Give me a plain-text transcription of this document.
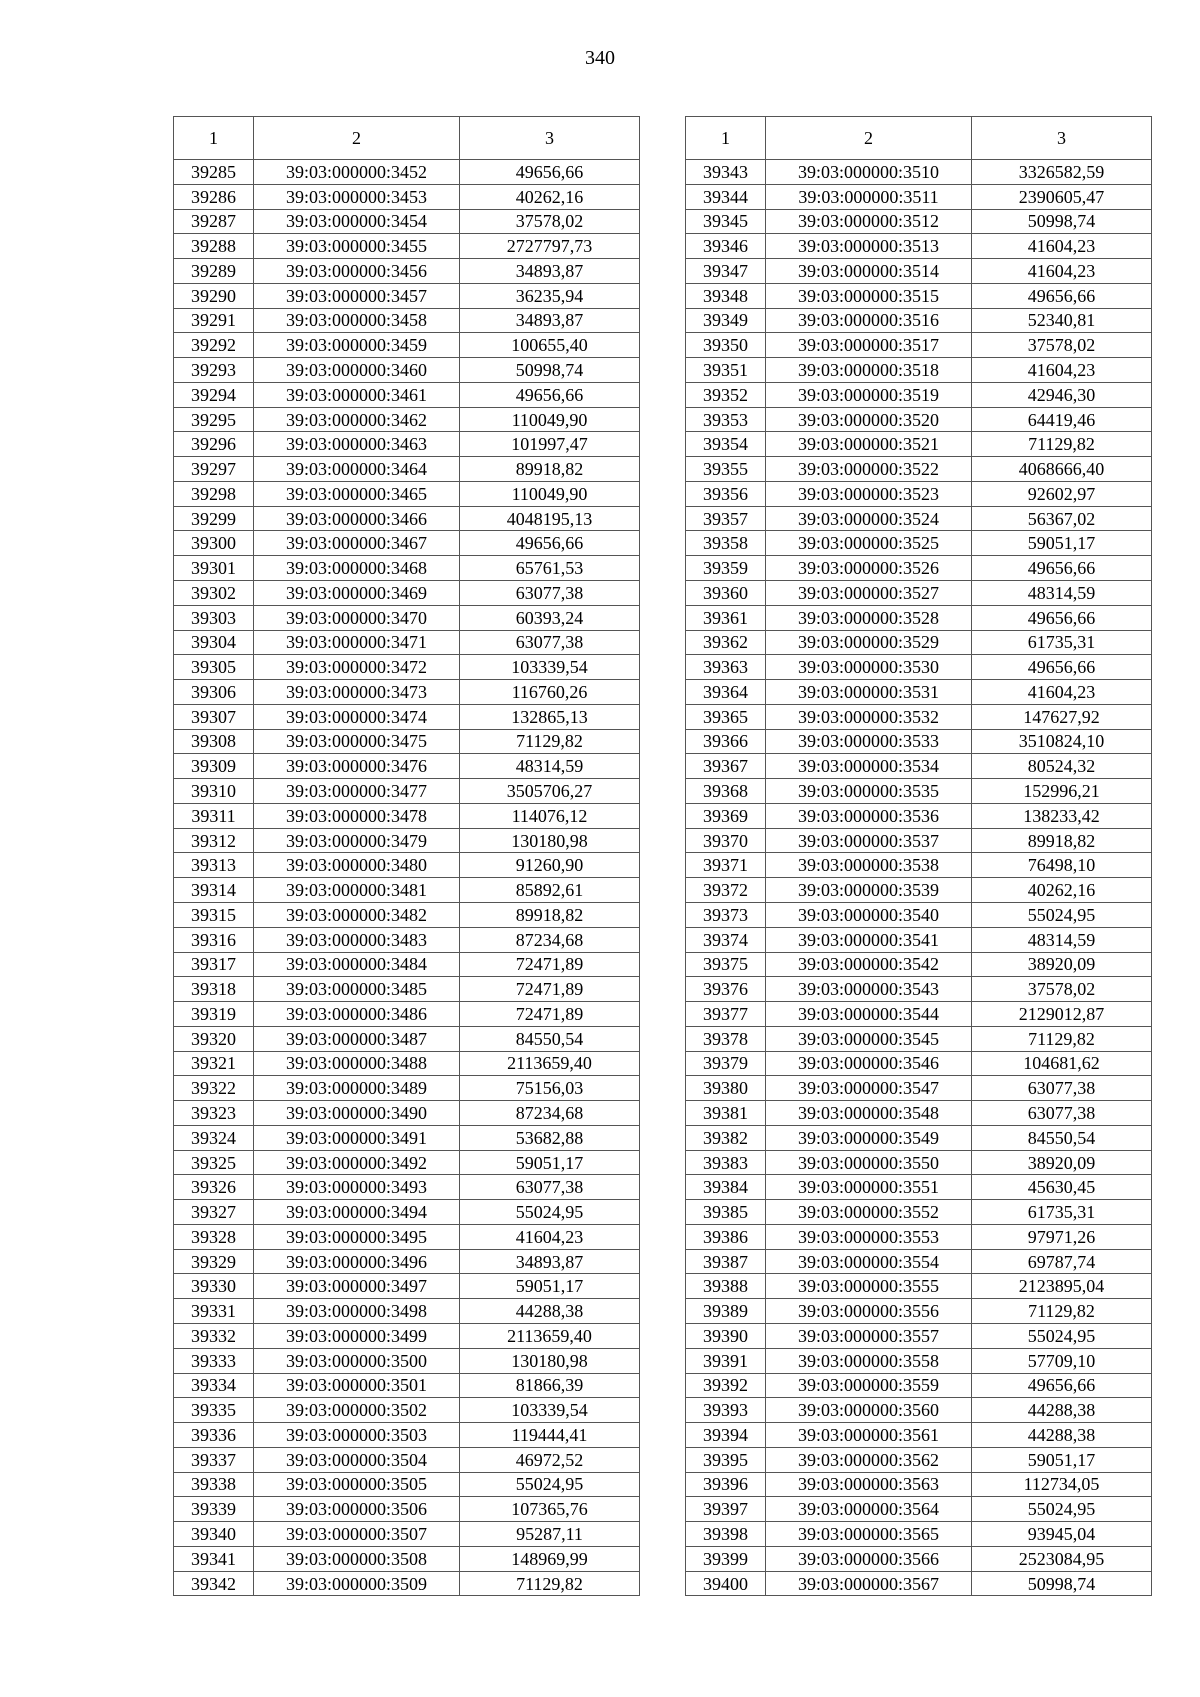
340
1	2	3
39285	39:03:000000:3452	49656,66
39286	39:03:000000:3453	40262,16
39287	39:03:000000:3454	37578,02
39288	39:03:000000:3455	2727797,73
39289	39:03:000000:3456	34893,87
39290	39:03:000000:3457	36235,94
39291	39:03:000000:3458	34893,87
39292	39:03:000000:3459	100655,40
39293	39:03:000000:3460	50998,74
39294	39:03:000000:3461	49656,66
39295	39:03:000000:3462	110049,90
39296	39:03:000000:3463	101997,47
39297	39:03:000000:3464	89918,82
39298	39:03:000000:3465	110049,90
39299	39:03:000000:3466	4048195,13
39300	39:03:000000:3467	49656,66
39301	39:03:000000:3468	65761,53
39302	39:03:000000:3469	63077,38
39303	39:03:000000:3470	60393,24
39304	39:03:000000:3471	63077,38
39305	39:03:000000:3472	103339,54
39306	39:03:000000:3473	116760,26
39307	39:03:000000:3474	132865,13
39308	39:03:000000:3475	71129,82
39309	39:03:000000:3476	48314,59
39310	39:03:000000:3477	3505706,27
39311	39:03:000000:3478	114076,12
39312	39:03:000000:3479	130180,98
39313	39:03:000000:3480	91260,90
39314	39:03:000000:3481	85892,61
39315	39:03:000000:3482	89918,82
39316	39:03:000000:3483	87234,68
39317	39:03:000000:3484	72471,89
39318	39:03:000000:3485	72471,89
39319	39:03:000000:3486	72471,89
39320	39:03:000000:3487	84550,54
39321	39:03:000000:3488	2113659,40
39322	39:03:000000:3489	75156,03
39323	39:03:000000:3490	87234,68
39324	39:03:000000:3491	53682,88
39325	39:03:000000:3492	59051,17
39326	39:03:000000:3493	63077,38
39327	39:03:000000:3494	55024,95
39328	39:03:000000:3495	41604,23
39329	39:03:000000:3496	34893,87
39330	39:03:000000:3497	59051,17
39331	39:03:000000:3498	44288,38
39332	39:03:000000:3499	2113659,40
39333	39:03:000000:3500	130180,98
39334	39:03:000000:3501	81866,39
39335	39:03:000000:3502	103339,54
39336	39:03:000000:3503	119444,41
39337	39:03:000000:3504	46972,52
39338	39:03:000000:3505	55024,95
39339	39:03:000000:3506	107365,76
39340	39:03:000000:3507	95287,11
39341	39:03:000000:3508	148969,99
39342	39:03:000000:3509	71129,82
1	2	3
39343	39:03:000000:3510	3326582,59
39344	39:03:000000:3511	2390605,47
39345	39:03:000000:3512	50998,74
39346	39:03:000000:3513	41604,23
39347	39:03:000000:3514	41604,23
39348	39:03:000000:3515	49656,66
39349	39:03:000000:3516	52340,81
39350	39:03:000000:3517	37578,02
39351	39:03:000000:3518	41604,23
39352	39:03:000000:3519	42946,30
39353	39:03:000000:3520	64419,46
39354	39:03:000000:3521	71129,82
39355	39:03:000000:3522	4068666,40
39356	39:03:000000:3523	92602,97
39357	39:03:000000:3524	56367,02
39358	39:03:000000:3525	59051,17
39359	39:03:000000:3526	49656,66
39360	39:03:000000:3527	48314,59
39361	39:03:000000:3528	49656,66
39362	39:03:000000:3529	61735,31
39363	39:03:000000:3530	49656,66
39364	39:03:000000:3531	41604,23
39365	39:03:000000:3532	147627,92
39366	39:03:000000:3533	3510824,10
39367	39:03:000000:3534	80524,32
39368	39:03:000000:3535	152996,21
39369	39:03:000000:3536	138233,42
39370	39:03:000000:3537	89918,82
39371	39:03:000000:3538	76498,10
39372	39:03:000000:3539	40262,16
39373	39:03:000000:3540	55024,95
39374	39:03:000000:3541	48314,59
39375	39:03:000000:3542	38920,09
39376	39:03:000000:3543	37578,02
39377	39:03:000000:3544	2129012,87
39378	39:03:000000:3545	71129,82
39379	39:03:000000:3546	104681,62
39380	39:03:000000:3547	63077,38
39381	39:03:000000:3548	63077,38
39382	39:03:000000:3549	84550,54
39383	39:03:000000:3550	38920,09
39384	39:03:000000:3551	45630,45
39385	39:03:000000:3552	61735,31
39386	39:03:000000:3553	97971,26
39387	39:03:000000:3554	69787,74
39388	39:03:000000:3555	2123895,04
39389	39:03:000000:3556	71129,82
39390	39:03:000000:3557	55024,95
39391	39:03:000000:3558	57709,10
39392	39:03:000000:3559	49656,66
39393	39:03:000000:3560	44288,38
39394	39:03:000000:3561	44288,38
39395	39:03:000000:3562	59051,17
39396	39:03:000000:3563	112734,05
39397	39:03:000000:3564	55024,95
39398	39:03:000000:3565	93945,04
39399	39:03:000000:3566	2523084,95
39400	39:03:000000:3567	50998,74
